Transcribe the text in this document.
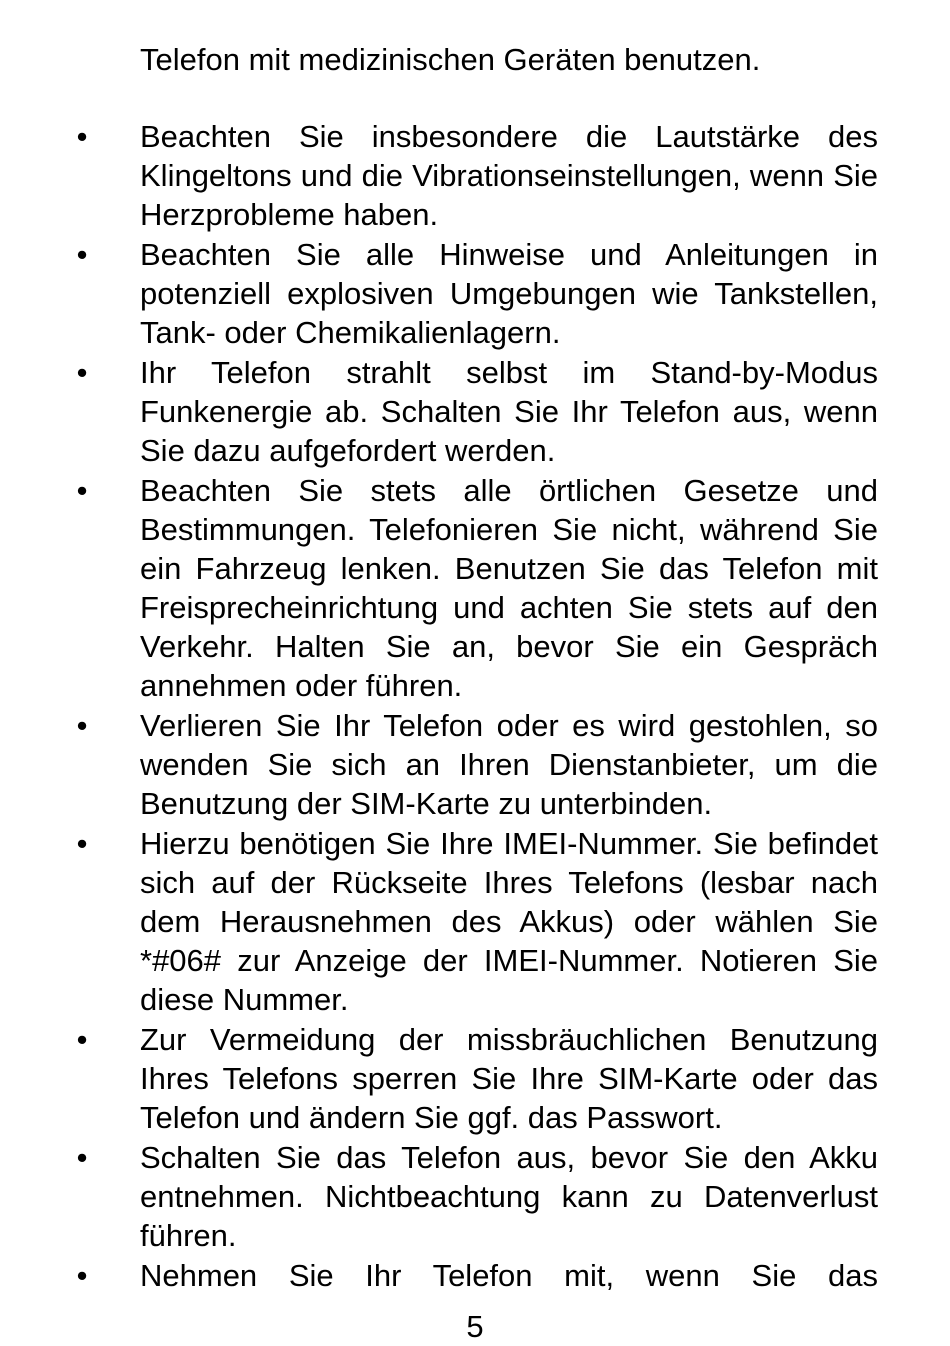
Telefon mit medizinischen Geräten benutzen.

• Beachten Sie insbesondere die Lautstärke des Klingeltons und die Vibrationseinstellungen, wenn Sie Herzprobleme haben.
• Beachten Sie alle Hinweise und Anleitungen in potenziell explosiven Umgebungen wie Tankstellen, Tank- oder Chemikalienlagern.
• Ihr Telefon strahlt selbst im Stand-by-Modus Funkenergie ab. Schalten Sie Ihr Telefon aus, wenn Sie dazu aufgefordert werden.
• Beachten Sie stets alle örtlichen Gesetze und Bestimmungen. Telefonieren Sie nicht, während Sie ein Fahrzeug lenken. Benutzen Sie das Telefon mit Freisprecheinrichtung und achten Sie stets auf den Verkehr. Halten Sie an, bevor Sie ein Gespräch annehmen oder führen.
• Verlieren Sie Ihr Telefon oder es wird gestohlen, so wenden Sie sich an Ihren Dienstanbieter, um die Benutzung der SIM-Karte zu unterbinden.
• Hierzu benötigen Sie Ihre IMEI-Nummer. Sie befindet sich auf der Rückseite Ihres Telefons (lesbar nach dem Herausnehmen des Akkus) oder wählen Sie *#06# zur Anzeige der IMEI-Nummer. Notieren Sie diese Nummer.
• Zur Vermeidung der missbräuchlichen Benutzung Ihres Telefons sperren Sie Ihre SIM-Karte oder das Telefon und ändern Sie ggf. das Passwort.
• Schalten Sie das Telefon aus, bevor Sie den Akku entnehmen. Nichtbeachtung kann zu Datenverlust führen.
• Nehmen Sie Ihr Telefon mit, wenn Sie das

5
